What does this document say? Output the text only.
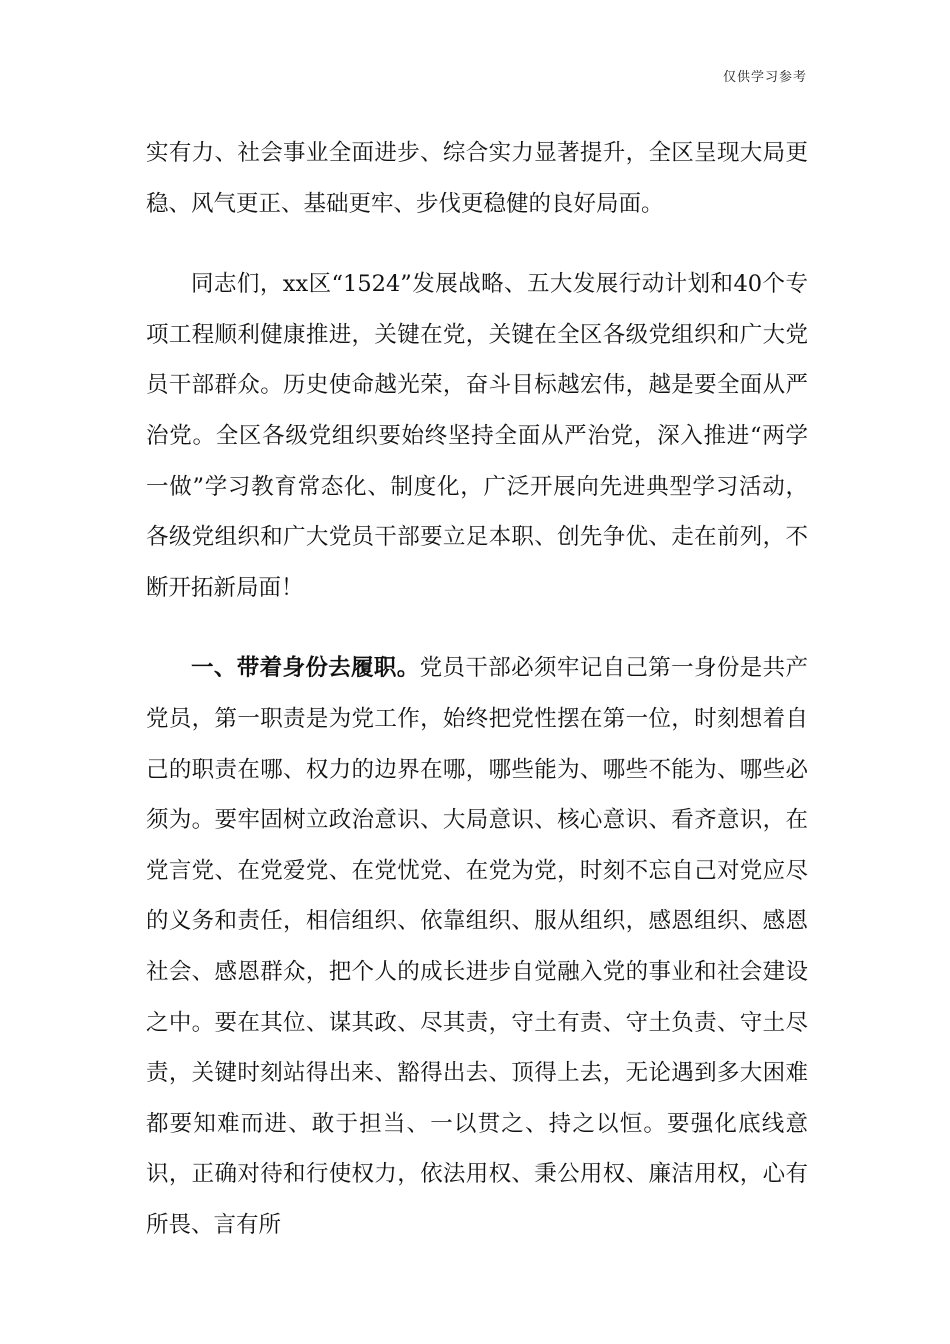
仅供学习参考

实有力、社会事业全面进步、综合实力显著提升，全区呈现大局更稳、风气更正、基础更牢、步伐更稳健的良好局面。

同志们，xx区“1524”发展战略、五大发展行动计划和40个专项工程顺利健康推进，关键在党，关键在全区各级党组织和广大党员干部群众。历史使命越光荣，奋斗目标越宏伟，越是要全面从严治党。全区各级党组织要始终坚持全面从严治党，深入推进“两学一做”学习教育常态化、制度化，广泛开展向先进典型学习活动，各级党组织和广大党员干部要立足本职、创先争优、走在前列，不断开拓新局面！

一、带着身份去履职。党员干部必须牢记自己第一身份是共产党员，第一职责是为党工作，始终把党性摆在第一位，时刻想着自己的职责在哪、权力的边界在哪，哪些能为、哪些不能为、哪些必须为。要牢固树立政治意识、大局意识、核心意识、看齐意识，在党言党、在党爱党、在党忧党、在党为党，时刻不忘自己对党应尽的义务和责任，相信组织、依靠组织、服从组织，感恩组织、感恩社会、感恩群众，把个人的成长进步自觉融入党的事业和社会建设之中。要在其位、谋其政、尽其责，守土有责、守土负责、守土尽责，关键时刻站得出来、豁得出去、顶得上去，无论遇到多大困难都要知难而进、敢于担当、一以贯之、持之以恒。要强化底线意识，正确对待和行使权力，依法用权、秉公用权、廉洁用权，心有所畏、言有所
